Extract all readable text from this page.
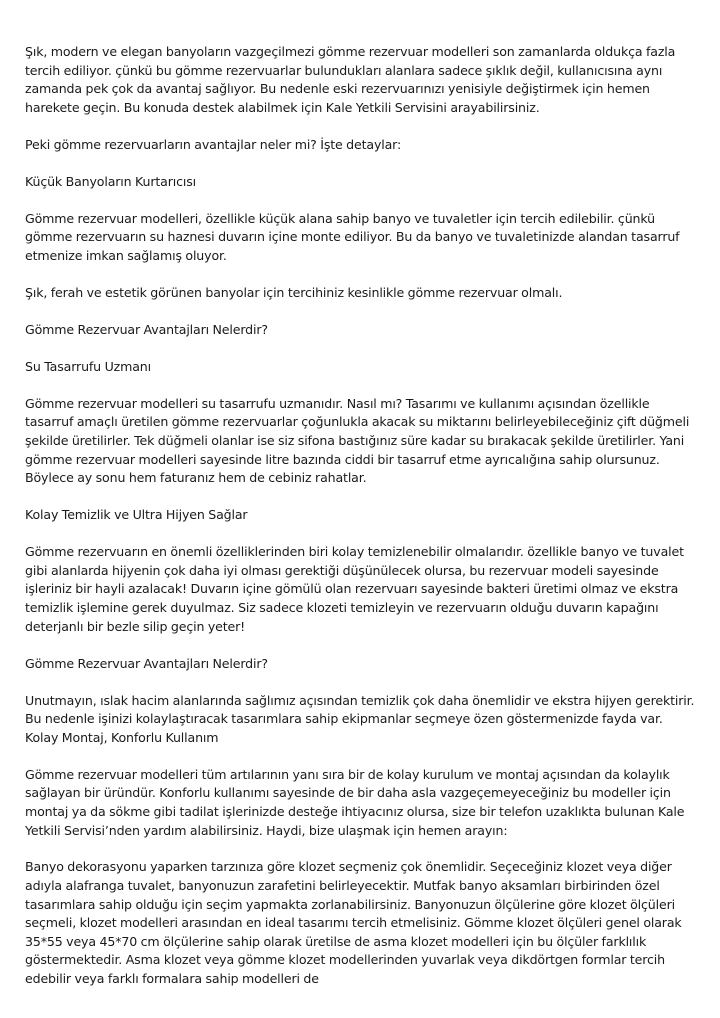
Şık, modern ve elegan banyoların vazgeçilmezi gömme rezervuar modelleri son zamanlarda oldukça fazla tercih ediliyor. çünkü bu gömme rezervuarlar bulundukları alanlara sadece şıklık değil, kullanıcısına aynı zamanda pek çok da avantaj sağlıyor. Bu nedenle eski rezervuarınızı yenisiyle değiştirmek için hemen harekete geçin. Bu konuda destek alabilmek için Kale Yetkili Servisini arayabilirsiniz.

Peki gömme rezervuarların avantajlar neler mi? İşte detaylar:

Küçük Banyoların Kurtarıcısı

Gömme rezervuar modelleri, özellikle küçük alana sahip banyo ve tuvaletler için tercih edilebilir. çünkü gömme rezervuarın su haznesi duvarın içine monte ediliyor. Bu da banyo ve tuvaletinizde alandan tasarruf etmenize imkan sağlamış oluyor.

Şık, ferah ve estetik görünen banyolar için tercihiniz kesinlikle gömme rezervuar olmalı.

Gömme Rezervuar Avantajları Nelerdir?

Su Tasarrufu Uzmanı

Gömme rezervuar modelleri su tasarrufu uzmanıdır. Nasıl mı? Tasarımı ve kullanımı açısından özellikle tasarruf amaçlı üretilen gömme rezervuarlar çoğunlukla akacak su miktarını belirleyebileceğiniz çift düğmeli şekilde üretilirler. Tek düğmeli olanlar ise siz sifona bastığınız süre kadar su bırakacak şekilde üretilirler. Yani gömme rezervuar modelleri sayesinde litre bazında ciddi bir tasarruf etme ayrıcalığına sahip olursunuz. Böylece ay sonu hem faturanız hem de cebiniz rahatlar.

Kolay Temizlik ve Ultra Hijyen Sağlar

Gömme rezervuarın en önemli özelliklerinden biri kolay temizlenebilir olmalarıdır. özellikle banyo ve tuvalet gibi alanlarda hijyenin çok daha iyi olması gerektiği düşünülecek olursa, bu rezervuar modeli sayesinde işleriniz bir hayli azalacak! Duvarın içine gömülü olan rezervuarı sayesinde bakteri üretimi olmaz ve ekstra temizlik işlemine gerek duyulmaz. Siz sadece klozeti temizleyin ve rezervuarın olduğu duvarın kapağını deterjanlı bir bezle silip geçin yeter!

Gömme Rezervuar Avantajları Nelerdir?

Unutmayın, ıslak hacim alanlarında sağlımız açısından temizlik çok daha önemlidir ve ekstra hijyen gerektirir. Bu nedenle işinizi kolaylaştıracak tasarımlara sahip ekipmanlar seçmeye özen göstermenizde fayda var. Kolay Montaj, Konforlu Kullanım

Gömme rezervuar modelleri tüm artılarının yanı sıra bir de kolay kurulum ve montaj açısından da kolaylık sağlayan bir üründür. Konforlu kullanımı sayesinde de bir daha asla vazgeçemeyeceğiniz bu modeller için montaj ya da sökme gibi tadilat işlerinizde desteğe ihtiyacınız olursa, size bir telefon uzaklıkta bulunan Kale Yetkili Servisi’nden yardım alabilirsiniz. Haydi, bize ulaşmak için hemen arayın:

Banyo dekorasyonu yaparken tarzınıza göre klozet seçmeniz çok önemlidir. Seçeceğiniz klozet veya diğer adıyla alafranga tuvalet, banyonuzun zarafetini belirleyecektir. Mutfak banyo aksamları birbirinden özel tasarımlara sahip olduğu için seçim yapmakta zorlanabilirsiniz. Banyonuzun ölçülerine göre klozet ölçüleri seçmeli, klozet modelleri arasından en ideal tasarımı tercih etmelisiniz. Gömme klozet ölçüleri genel olarak 35*55 veya 45*70 cm ölçülerine sahip olarak üretilse de asma klozet modelleri için bu ölçüler farklılık göstermektedir. Asma klozet veya gömme klozet modellerinden yuvarlak veya dikdörtgen formlar tercih edebilir veya farklı formalara sahip modelleri de
